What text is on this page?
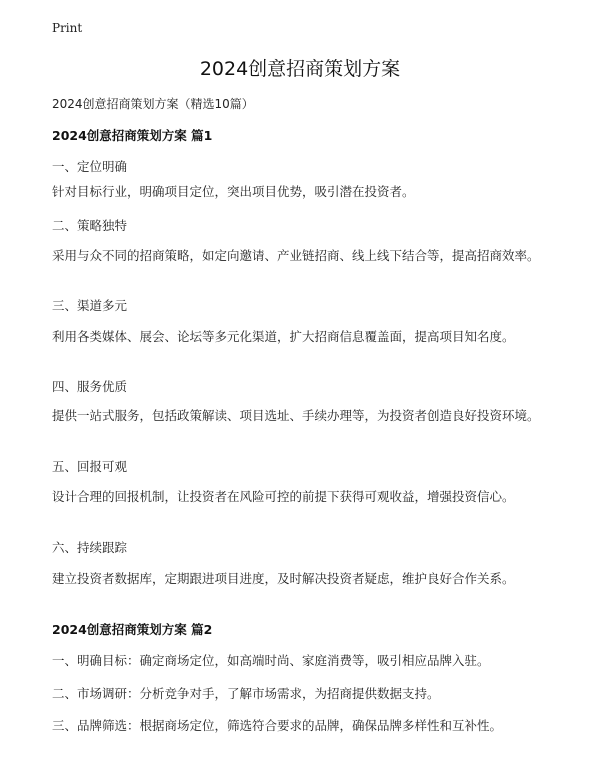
Print
2024创意招商策划方案
2024创意招商策划方案（精选10篇）
2024创意招商策划方案 篇1
一、定位明确
针对目标行业，明确项目定位，突出项目优势，吸引潜在投资者。
二、策略独特
采用与众不同的招商策略，如定向邀请、产业链招商、线上线下结合等，提高招商效率。
三、渠道多元
利用各类媒体、展会、论坛等多元化渠道，扩大招商信息覆盖面，提高项目知名度。
四、服务优质
提供一站式服务，包括政策解读、项目选址、手续办理等，为投资者创造良好投资环境。
五、回报可观
设计合理的回报机制，让投资者在风险可控的前提下获得可观收益，增强投资信心。
六、持续跟踪
建立投资者数据库，定期跟进项目进度，及时解决投资者疑虑，维护良好合作关系。
2024创意招商策划方案 篇2
一、明确目标：确定商场定位，如高端时尚、家庭消费等，吸引相应品牌入驻。
二、市场调研：分析竞争对手，了解市场需求，为招商提供数据支持。
三、品牌筛选：根据商场定位，筛选符合要求的品牌，确保品牌多样性和互补性。
